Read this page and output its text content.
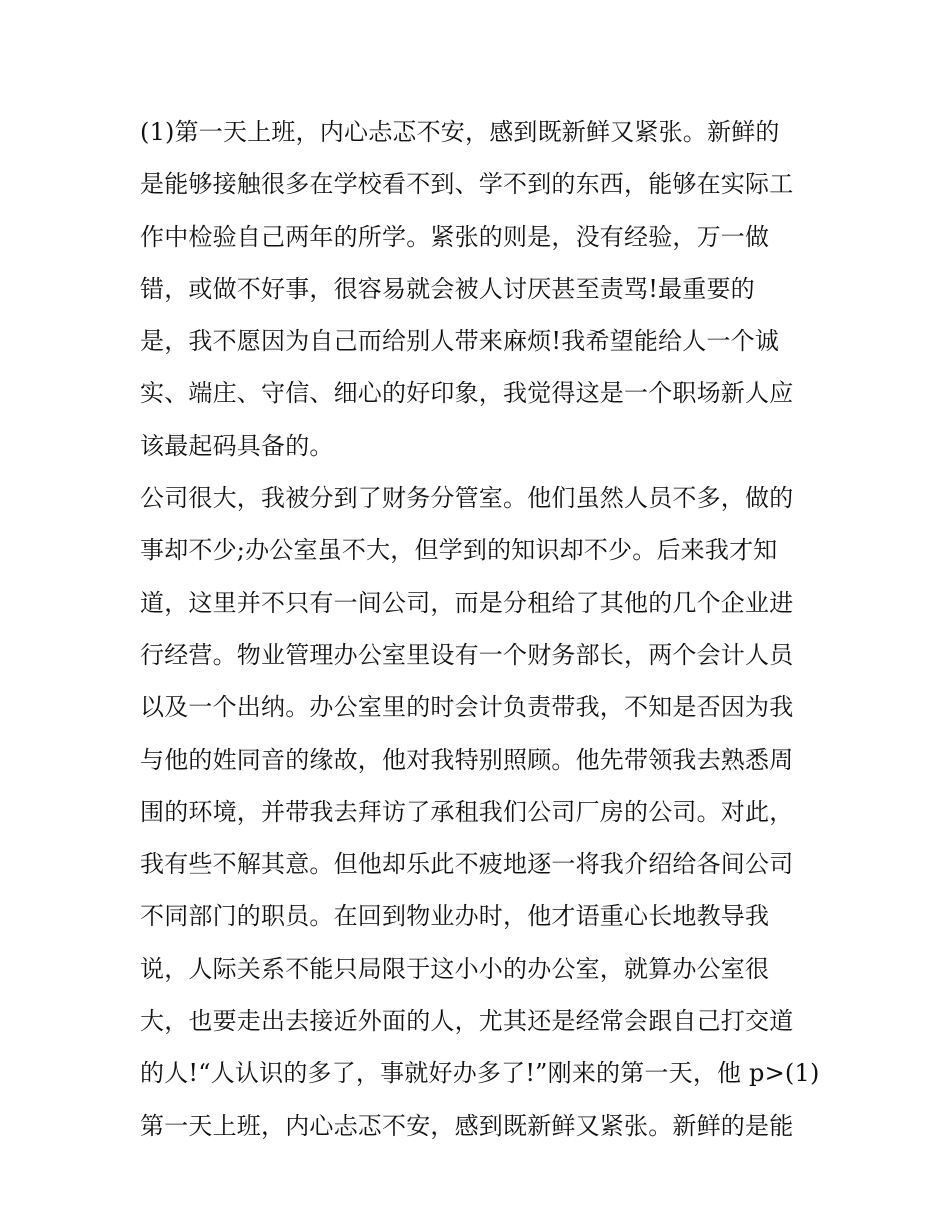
(1)第一天上班，内心忐忑不安，感到既新鲜又紧张。新鲜的
是能够接触很多在学校看不到、学不到的东西，能够在实际工
作中检验自己两年的所学。紧张的则是，没有经验，万一做
错，或做不好事，很容易就会被人讨厌甚至责骂!最重要的
是，我不愿因为自己而给别人带来麻烦!我希望能给人一个诚
实、端庄、守信、细心的好印象，我觉得这是一个职场新人应
该最起码具备的。
公司很大，我被分到了财务分管室。他们虽然人员不多，做的
事却不少;办公室虽不大，但学到的知识却不少。后来我才知
道，这里并不只有一间公司，而是分租给了其他的几个企业进
行经营。物业管理办公室里设有一个财务部长，两个会计人员
以及一个出纳。办公室里的时会计负责带我，不知是否因为我
与他的姓同音的缘故，他对我特别照顾。他先带领我去熟悉周
围的环境，并带我去拜访了承租我们公司厂房的公司。对此，
我有些不解其意。但他却乐此不疲地逐一将我介绍给各间公司
不同部门的职员。在回到物业办时，他才语重心长地教导我
说，人际关系不能只局限于这小小的办公室，就算办公室很
大，也要走出去接近外面的人，尤其还是经常会跟自己打交道
的人!“人认识的多了，事就好办多了!”刚来的第一天，他 p>(1)
第一天上班，内心忐忑不安，感到既新鲜又紧张。新鲜的是能
